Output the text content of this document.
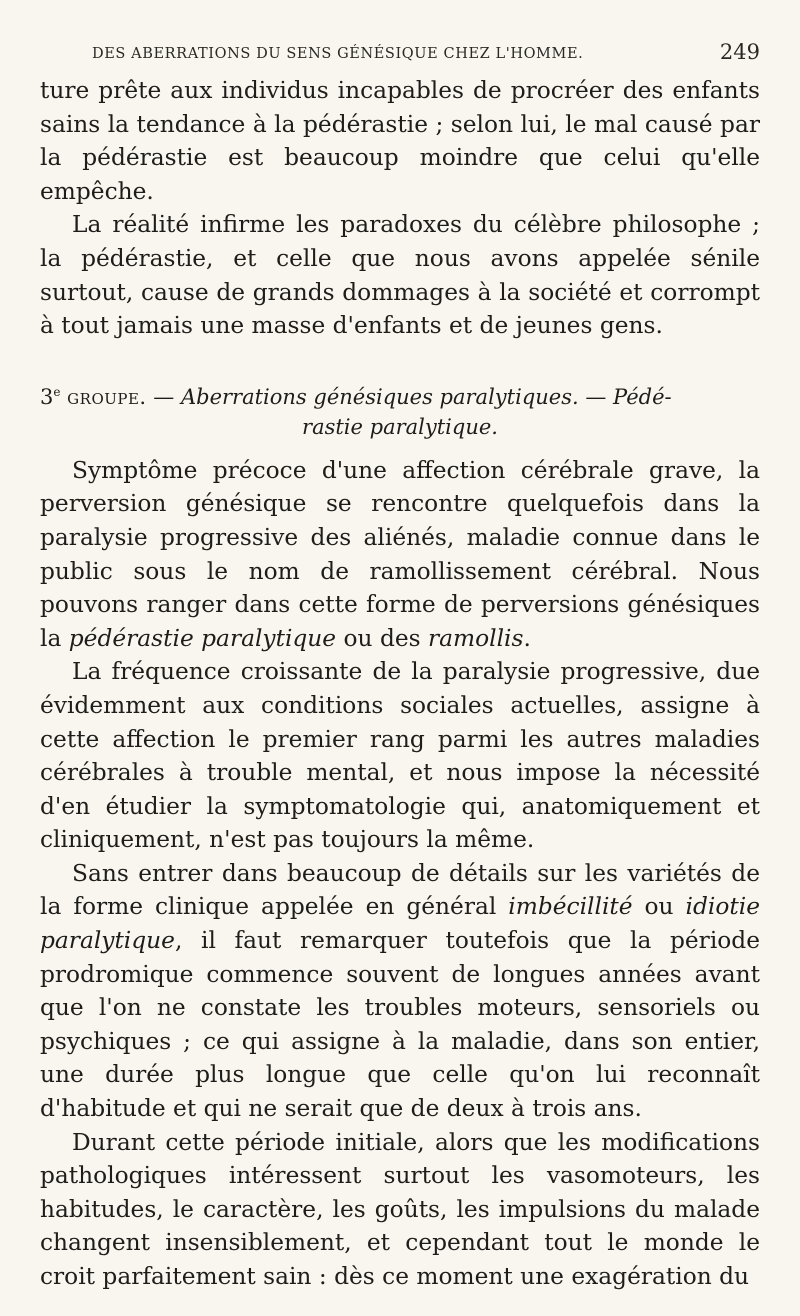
DES ABERRATIONS DU SENS GÉNÉSIQUE CHEZ L'HOMME.	249

ture prête aux individus incapables de procréer des enfants sains la tendance à la pédérastie ; selon lui, le mal causé par la pédérastie est beaucoup moindre que celui qu'elle empêche.

La réalité infirme les paradoxes du célèbre philosophe ; la pédérastie, et celle que nous avons appelée sénile surtout, cause de grands dommages à la société et corrompt à tout jamais une masse d'enfants et de jeunes gens.

3e groupe. — Aberrations génésiques paralytiques. — Pédé-
rastie paralytique.

Symptôme précoce d'une affection cérébrale grave, la perversion génésique se rencontre quelquefois dans la paralysie progressive des aliénés, maladie connue dans le public sous le nom de ramollissement cérébral. Nous pouvons ranger dans cette forme de perversions génésiques la pédérastie paralytique ou des ramollis.

La fréquence croissante de la paralysie progressive, due évidemment aux conditions sociales actuelles, assigne à cette affection le premier rang parmi les autres maladies cérébrales à trouble mental, et nous impose la nécessité d'en étudier la symptomatologie qui, anatomiquement et cliniquement, n'est pas toujours la même.

Sans entrer dans beaucoup de détails sur les variétés de la forme clinique appelée en général imbécillité ou idiotie paralytique, il faut remarquer toutefois que la période prodromique commence souvent de longues années avant que l'on ne constate les troubles moteurs, sensoriels ou psychiques ; ce qui assigne à la maladie, dans son entier, une durée plus longue que celle qu'on lui reconnaît d'habitude et qui ne serait que de deux à trois ans.

Durant cette période initiale, alors que les modifications pathologiques intéressent surtout les vasomoteurs, les habitudes, le caractère, les goûts, les impulsions du malade changent insensiblement, et cependant tout le monde le croit parfaitement sain : dès ce moment une exagération du
